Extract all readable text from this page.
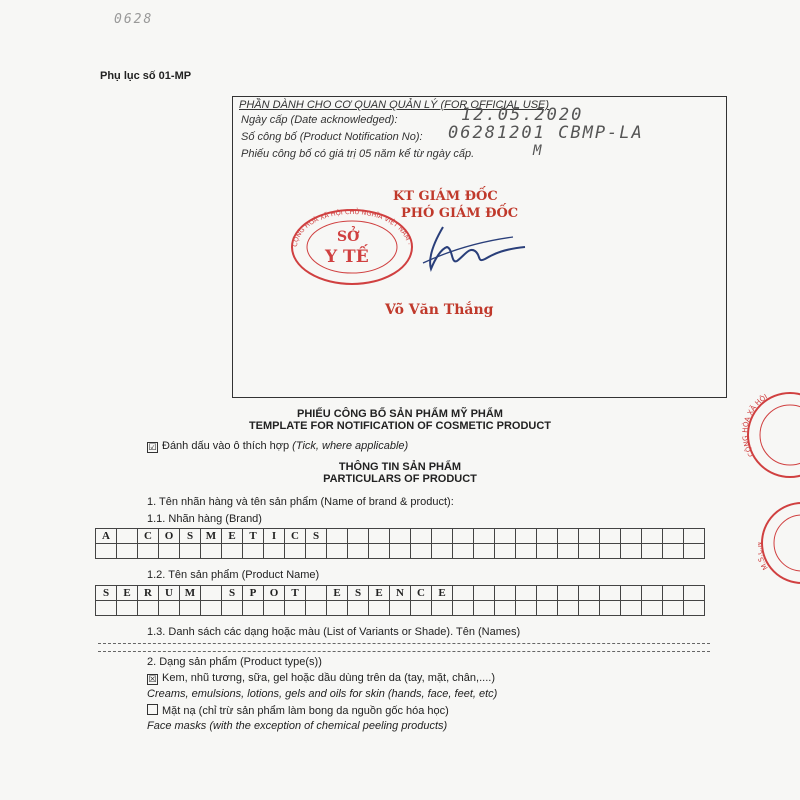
0628
Phụ lục số 01-MP
PHẦN DÀNH CHO CƠ QUAN QUẢN LÝ (FOR OFFICIAL USE)
Ngày cấp (Date acknowledged):	12.05.2020
Số công bố (Product Notification No): 06281201 CBMP-LA
Phiếu công bố có giá trị 05 năm kể từ ngày cấp.	M
KT GIÁM ĐỐC
PHÓ GIÁM ĐỐC
CỘNG HOÀ XÃ HỘI CHỦ NGHĨA VIỆT NAM ·
SỞ
Y TẾ
Võ Văn Thắng
CỘNG HÒA XÃ HỘI
M.
PHIẾU CÔNG BỐ SẢN PHẨM MỸ PHẨM
TEMPLATE FOR NOTIFICATION OF COSMETIC PRODUCT
☑ Đánh dấu vào ô thích hợp (Tick, where applicable)
THÔNG TIN SẢN PHẨM
PARTICULARS OF PRODUCT
1. Tên nhãn hàng và tên sản phẩm (Name of brand & product):
1.1. Nhãn hàng (Brand)
A		C	O	S	M	E	T	I	C	S																		

1.2. Tên sản phẩm (Product Name)
S	E	R	U	M		S	P	O	T		E	S	E	N	C	E												

1.3. Danh sách các dạng hoặc màu (List of Variants or Shade). Tên (Names)
2. Dạng sản phẩm (Product type(s))
☒ Kem, nhũ tương, sữa, gel hoặc dầu dùng trên da (tay, mặt, chân,....)
Creams, emulsions, lotions, gels and oils for skin (hands, face, feet, etc)
Mặt nạ (chỉ trừ sản phẩm làm bong da nguồn gốc hóa học)
Face masks (with the exception of chemical peeling products)
